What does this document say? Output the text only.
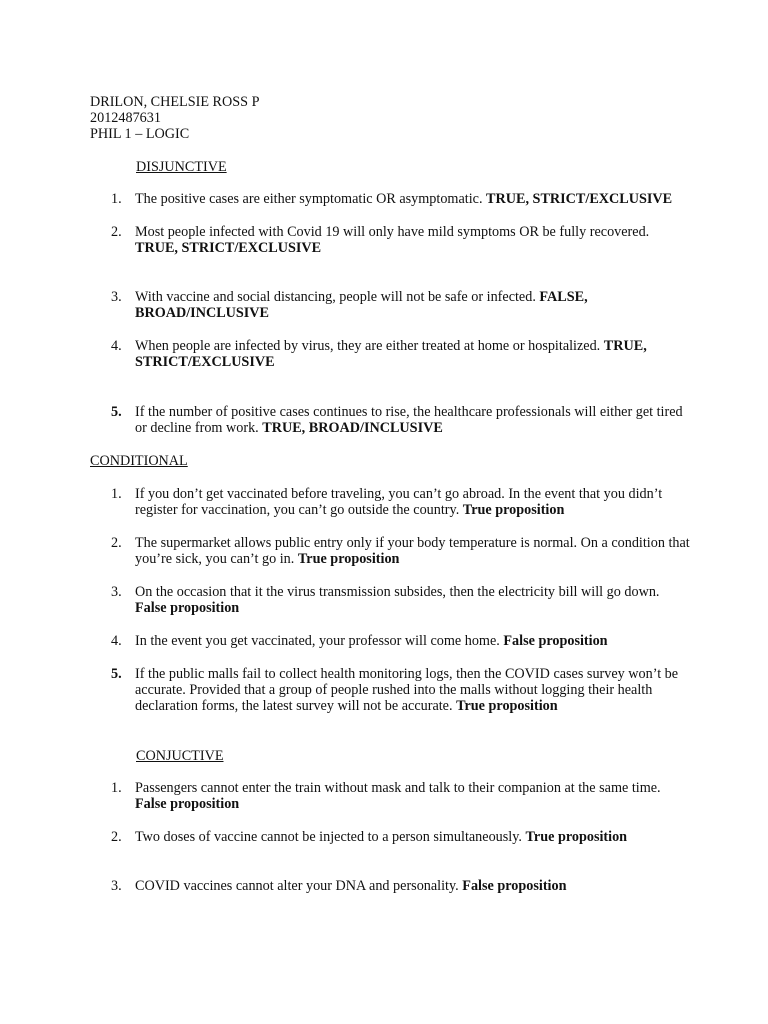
DRILON, CHELSIE ROSS P
2012487631
PHIL 1 – LOGIC
DISJUNCTIVE
1. The positive cases are either symptomatic OR asymptomatic. TRUE, STRICT/EXCLUSIVE
2. Most people infected with Covid 19 will only have mild symptoms OR be fully recovered.
TRUE, STRICT/EXCLUSIVE
3. With vaccine and social distancing, people will not be safe or infected. FALSE,
BROAD/INCLUSIVE
4. When people are infected by virus, they are either treated at home or hospitalized. TRUE,
STRICT/EXCLUSIVE
5. If the number of positive cases continues to rise, the healthcare professionals will either get tired
or decline from work. TRUE, BROAD/INCLUSIVE
CONDITIONAL
1. If you don’t get vaccinated before traveling, you can’t go abroad. In the event that you didn’t
register for vaccination, you can’t go outside the country. True proposition
2. The supermarket allows public entry only if your body temperature is normal. On a condition that
you’re sick, you can’t go in. True proposition
3. On the occasion that it the virus transmission subsides, then the electricity bill will go down.
False proposition
4. In the event you get vaccinated, your professor will come home. False proposition
5. If the public malls fail to collect health monitoring logs, then the COVID cases survey won’t be
accurate. Provided that a group of people rushed into the malls without logging their health
declaration forms, the latest survey will not be accurate. True proposition
CONJUCTIVE
1. Passengers cannot enter the train without mask and talk to their companion at the same time.
False proposition
2. Two doses of vaccine cannot be injected to a person simultaneously. True proposition
3. COVID vaccines cannot alter your DNA and personality. False proposition
